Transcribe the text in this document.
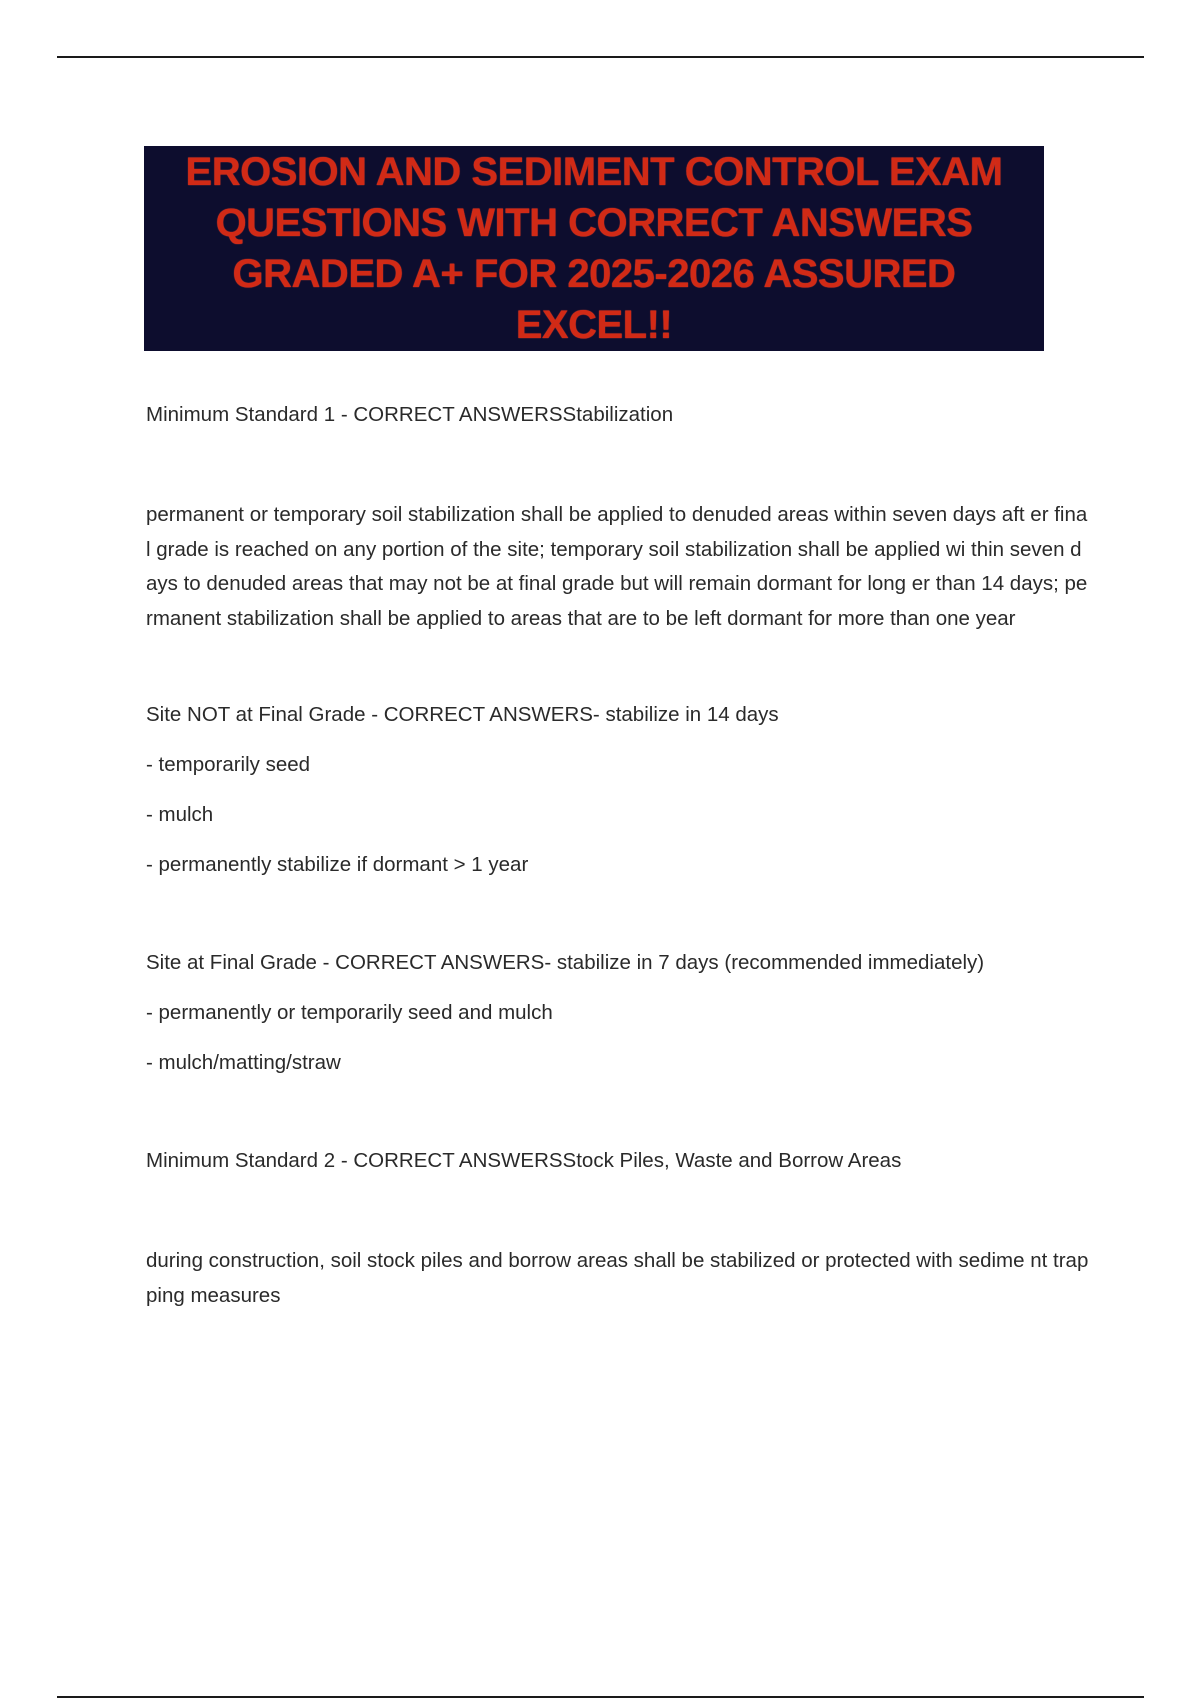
EROSION AND SEDIMENT CONTROL EXAM QUESTIONS WITH CORRECT ANSWERS GRADED A+ FOR 2025-2026 ASSURED EXCEL!!

Minimum Standard 1 - CORRECT ANSWERSStabilization

permanent or temporary soil stabilization shall be applied to denuded areas within seven days aft er final grade is reached on any portion of the site; temporary soil stabilization shall be applied wi thin seven days to denuded areas that may not be at final grade but will remain dormant for long er than 14 days; permanent stabilization shall be applied to areas that are to be left dormant for more than one year

Site NOT at Final Grade - CORRECT ANSWERS- stabilize in 14 days

- temporarily seed

- mulch

- permanently stabilize if dormant > 1 year

Site at Final Grade - CORRECT ANSWERS- stabilize in 7 days (recommended immediately)

- permanently or temporarily seed and mulch

- mulch/matting/straw

Minimum Standard 2 - CORRECT ANSWERSStock Piles, Waste and Borrow Areas

during construction, soil stock piles and borrow areas shall be stabilized or protected with sedime nt trapping measures
